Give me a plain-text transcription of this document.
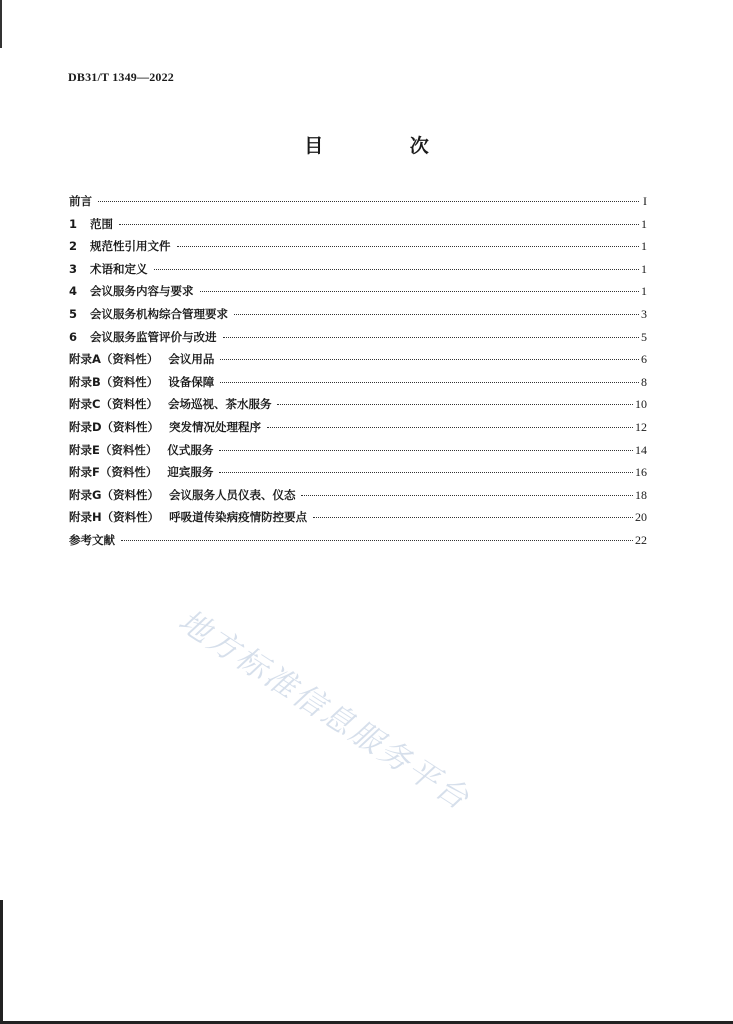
DB31/T 1349—2022
目 次
前言	I
1	范围	1
2	规范性引用文件	1
3	术语和定义	1
4	会议服务内容与要求	1
5	会议服务机构综合管理要求	3
6	会议服务监管评价与改进	5
附录A（资料性） 会议用品	6
附录B（资料性） 设备保障	8
附录C（资料性） 会场巡视、茶水服务	10
附录D（资料性） 突发情况处理程序	12
附录E（资料性） 仪式服务	14
附录F（资料性） 迎宾服务	16
附录G（资料性） 会议服务人员仪表、仪态	18
附录H（资料性） 呼吸道传染病疫情防控要点	20
参考文献	22
地方标准信息服务平台
